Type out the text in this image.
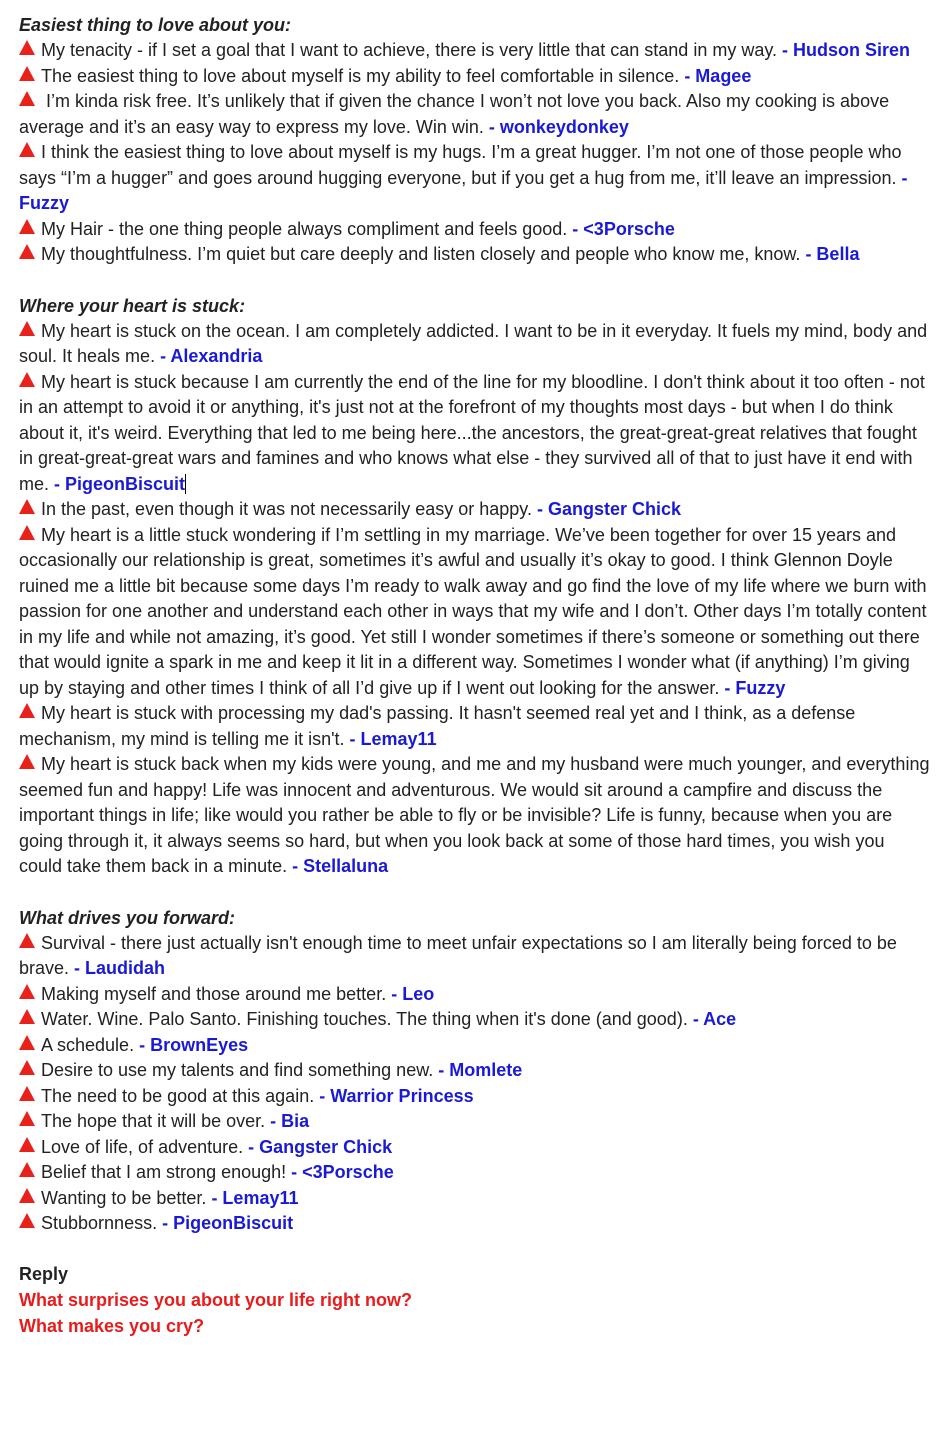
Easiest thing to love about you:

My tenacity - if I set a goal that I want to achieve, there is very little that can stand in my way. - Hudson Siren

The easiest thing to love about myself is my ability to feel comfortable in silence. - Magee

I’m kinda risk free. It’s unlikely that if given the chance I won’t not love you back. Also my cooking is above average and it’s an easy way to express my love. Win win. - wonkeydonkey

I think the easiest thing to love about myself is my hugs. I’m a great hugger. I’m not one of those people who says “I’m a hugger” and goes around hugging everyone, but if you get a hug from me, it’ll leave an impression. - Fuzzy

My Hair - the one thing people always compliment and feels good. - <3Porsche

My thoughtfulness. I’m quiet but care deeply and listen closely and people who know me, know. - Bella

Where your heart is stuck:

My heart is stuck on the ocean. I am completely addicted. I want to be in it everyday. It fuels my mind, body and soul. It heals me. - Alexandria

My heart is stuck because I am currently the end of the line for my bloodline. I don't think about it too often - not in an attempt to avoid it or anything, it's just not at the forefront of my thoughts most days - but when I do think about it, it's weird. Everything that led to me being here...the ancestors, the great-great-great relatives that fought in great-great-great wars and famines and who knows what else - they survived all of that to just have it end with me. - PigeonBiscuit

In the past, even though it was not necessarily easy or happy. - Gangster Chick

My heart is a little stuck wondering if I’m settling in my marriage. We’ve been together for over 15 years and occasionally our relationship is great, sometimes it’s awful and usually it’s okay to good. I think Glennon Doyle ruined me a little bit because some days I’m ready to walk away and go find the love of my life where we burn with passion for one another and understand each other in ways that my wife and I don’t. Other days I’m totally content in my life and while not amazing, it’s good. Yet still I wonder sometimes if there’s someone or something out there that would ignite a spark in me and keep it lit in a different way. Sometimes I wonder what (if anything) I’m giving up by staying and other times I think of all I’d give up if I went out looking for the answer. - Fuzzy

My heart is stuck with processing my dad's passing. It hasn't seemed real yet and I think, as a defense mechanism, my mind is telling me it isn't. - Lemay11

My heart is stuck back when my kids were young, and me and my husband were much younger, and everything seemed fun and happy! Life was innocent and adventurous. We would sit around a campfire and discuss the important things in life; like would you rather be able to fly or be invisible? Life is funny, because when you are going through it, it always seems so hard, but when you look back at some of those hard times, you wish you could take them back in a minute. - Stellaluna

What drives you forward:

Survival - there just actually isn't enough time to meet unfair expectations so I am literally being forced to be brave. - Laudidah

Making myself and those around me better. - Leo

Water. Wine. Palo Santo. Finishing touches. The thing when it's done (and good). - Ace

A schedule. - BrownEyes

Desire to use my talents and find something new. - Momlete

The need to be good at this again. - Warrior Princess

The hope that it will be over. - Bia

Love of life, of adventure. - Gangster Chick

Belief that I am strong enough! - <3Porsche

Wanting to be better. - Lemay11

Stubbornness. - PigeonBiscuit

Reply
What surprises you about your life right now?
What makes you cry?
